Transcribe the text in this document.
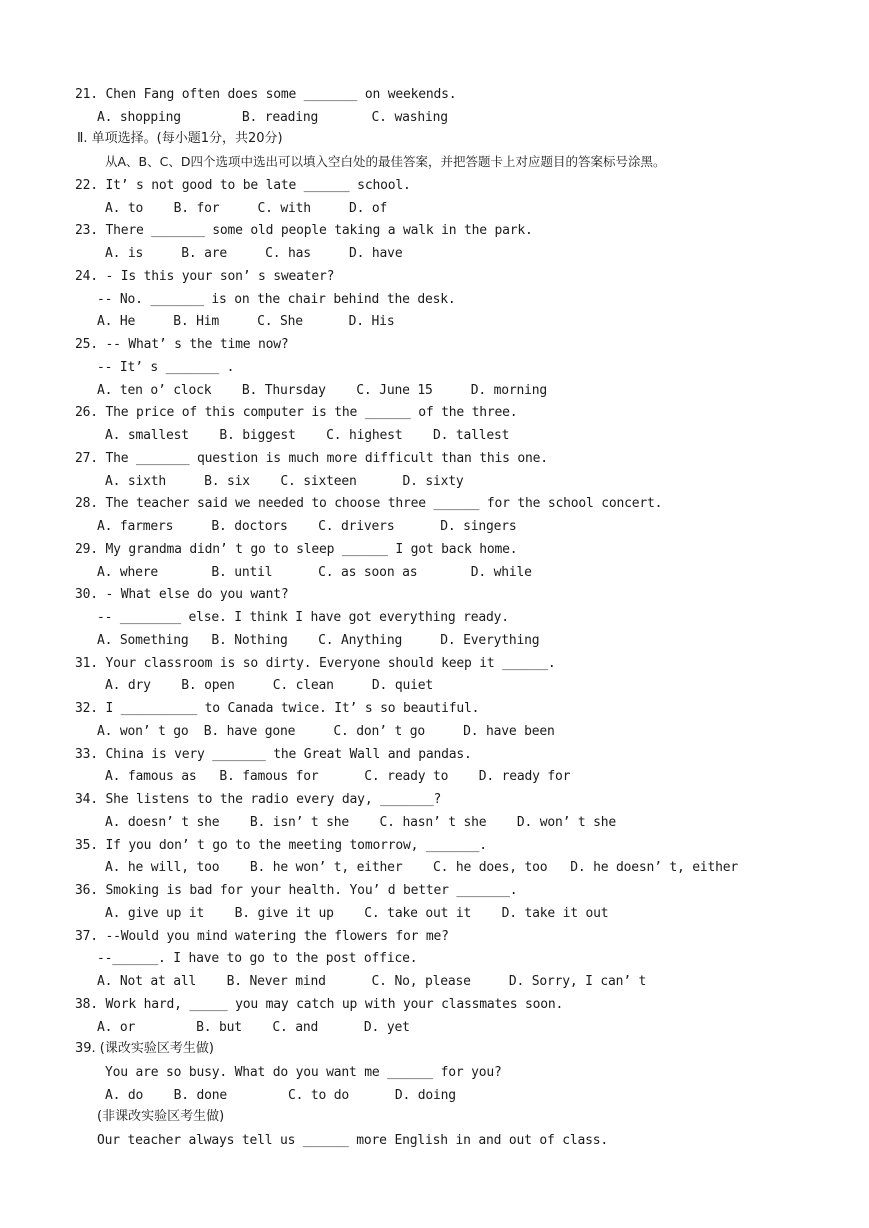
21. Chen Fang often does some _______ on weekends.
A. shopping        B. reading       C. washing
Ⅱ. 单项选择。(每小题1分，共20分)
从A、B、C、D四个选项中选出可以填入空白处的最佳答案，并把答题卡上对应题目的答案标号涂黑。
22. It’ s not good to be late ______ school.
A. to    B. for     C. with     D. of
23. There _______ some old people taking a walk in the park.
A. is     B. are     C. has     D. have
24. - Is this your son’ s sweater?
-- No. _______ is on the chair behind the desk.
A. He     B. Him     C. She      D. His
25. -- What’ s the time now?
-- It’ s _______ .
A. ten o’ clock    B. Thursday    C. June 15     D. morning
26. The price of this computer is the ______ of the three.
A. smallest    B. biggest    C. highest    D. tallest
27. The _______ question is much more difficult than this one.
A. sixth     B. six    C. sixteen      D. sixty
28. The teacher said we needed to choose three ______ for the school concert.
A. farmers     B. doctors    C. drivers      D. singers
29. My grandma didn’ t go to sleep ______ I got back home.
A. where       B. until      C. as soon as       D. while
30. - What else do you want?
-- ________ else. I think I have got everything ready.
A. Something   B. Nothing    C. Anything     D. Everything
31. Your classroom is so dirty. Everyone should keep it ______.
A. dry    B. open     C. clean     D. quiet
32. I __________ to Canada twice. It’ s so beautiful.
A. won’ t go  B. have gone     C. don’ t go     D. have been
33. China is very _______ the Great Wall and pandas.
A. famous as   B. famous for      C. ready to    D. ready for
34. She listens to the radio every day, _______?
A. doesn’ t she    B. isn’ t she    C. hasn’ t she    D. won’ t she
35. If you don’ t go to the meeting tomorrow, _______.
A. he will, too    B. he won’ t, either    C. he does, too   D. he doesn’ t, either
36. Smoking is bad for your health. You’ d better _______.
A. give up it    B. give it up    C. take out it    D. take it out
37. --Would you mind watering the flowers for me?
--______. I have to go to the post office.
A. Not at all    B. Never mind      C. No, please     D. Sorry, I can’ t
38. Work hard, _____ you may catch up with your classmates soon.
A. or        B. but    C. and      D. yet
39. (课改实验区考生做)
You are so busy. What do you want me ______ for you?
A. do    B. done        C. to do      D. doing
(非课改实验区考生做)
Our teacher always tell us ______ more English in and out of class.
